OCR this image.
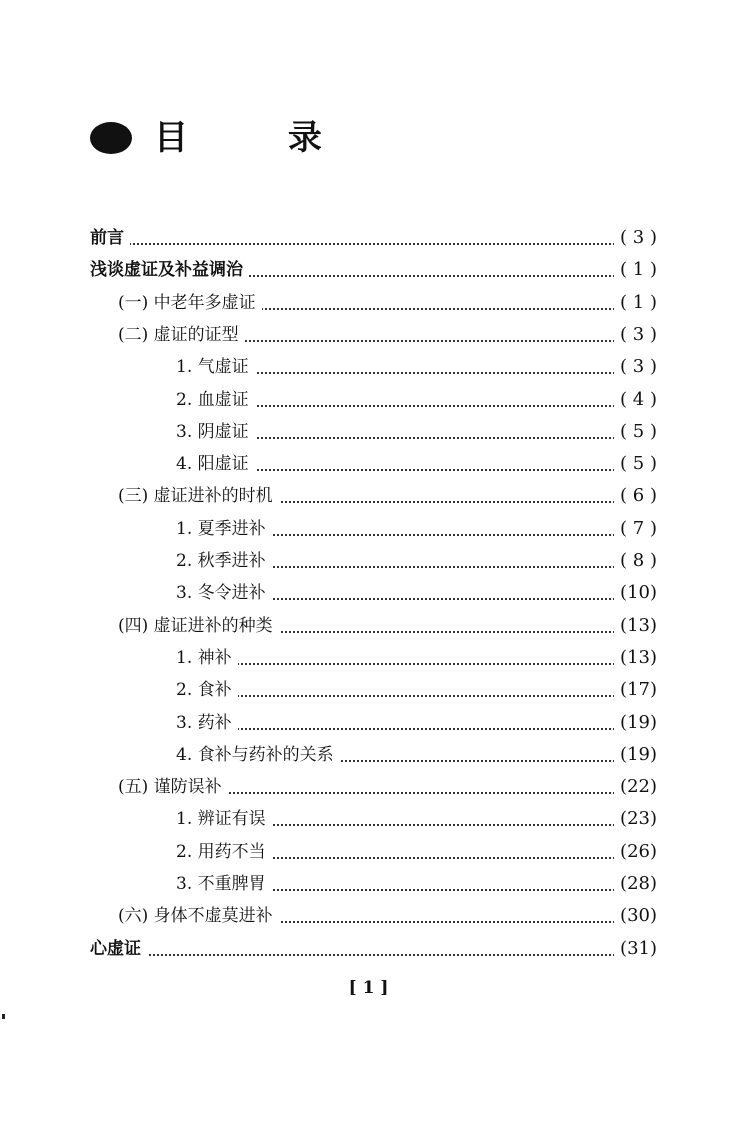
目 录
前言	( 3 )
浅谈虚证及补益调治	( 1 )
(一) 中老年多虚证	( 1 )
(二) 虚证的证型	( 3 )
1. 气虚证	( 3 )
2. 血虚证	( 4 )
3. 阴虚证	( 5 )
4. 阳虚证	( 5 )
(三) 虚证进补的时机	( 6 )
1. 夏季进补	( 7 )
2. 秋季进补	( 8 )
3. 冬令进补	(10)
(四) 虚证进补的种类	(13)
1. 神补	(13)
2. 食补	(17)
3. 药补	(19)
4. 食补与药补的关系	(19)
(五) 谨防误补	(22)
1. 辨证有误	(23)
2. 用药不当	(26)
3. 不重脾胃	(28)
(六) 身体不虚莫进补	(30)
心虚证	(31)
[ 1 ]
